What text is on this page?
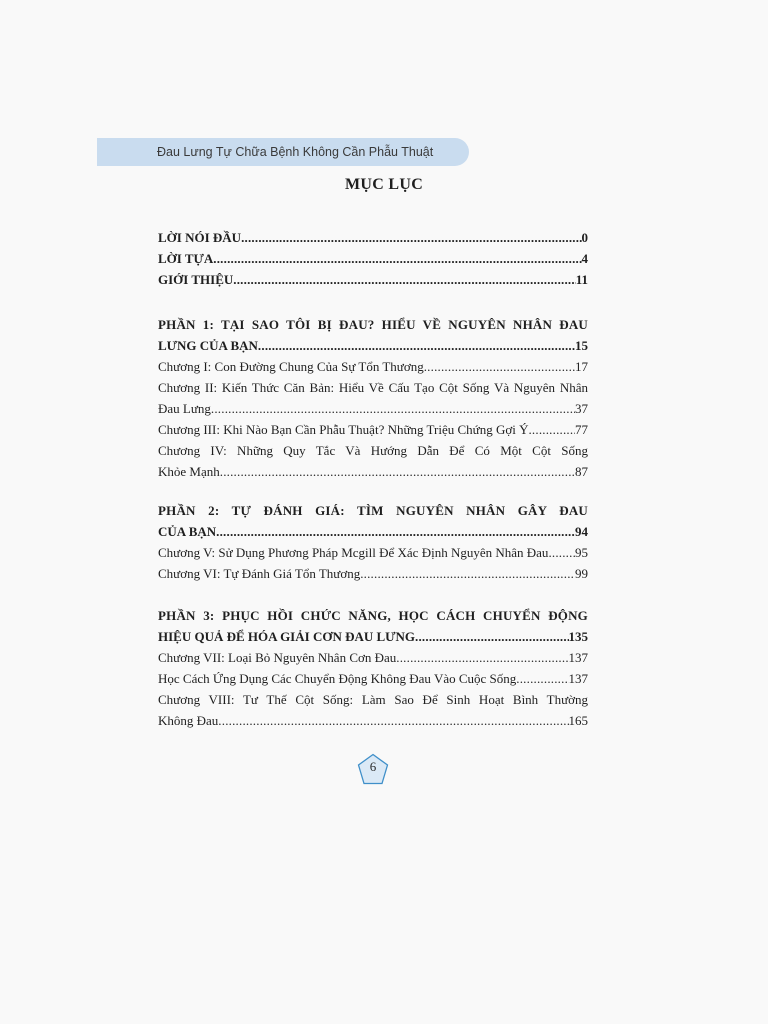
Đau Lưng Tự Chữa Bệnh Không Cần Phẫu Thuật
MỤC LỤC
LỜI NÓI ĐẦU .....	0
LỜI TỰA .....	4
GIỚI THIỆU .....	11
PHẦN 1: TẠI SAO TÔI BỊ ĐAU? HIỂU VỀ NGUYÊN NHÂN ĐAU
LƯNG CỦA BẠN .....	15
Chương I: Con Đường Chung Của Sự Tổn Thương .....	17
Chương II: Kiến Thức Căn Bản: Hiểu Về Cấu Tạo Cột Sống Và Nguyên Nhân
Đau Lưng .....	37
Chương III: Khi Nào Bạn Cần Phẫu Thuật? Những Triệu Chứng Gợi Ý .....	77
Chương IV: Những Quy Tắc Và Hướng Dẫn Để Có Một Cột Sống
Khỏe Mạnh .....	87
PHẦN 2: TỰ ĐÁNH GIÁ: TÌM NGUYÊN NHÂN GÂY ĐAU
CỦA BẠN .....	94
Chương V: Sử Dụng Phương Pháp Mcgill Để Xác Định Nguyên Nhân Đau ..... 95
Chương VI: Tự Đánh Giá Tổn Thương .....	99
PHẦN 3: PHỤC HỒI CHỨC NĂNG, HỌC CÁCH CHUYỂN ĐỘNG
HIỆU QUẢ ĐỂ HÓA GIẢI CƠN ĐAU LƯNG .....	135
Chương VII: Loại Bỏ Nguyên Nhân Cơn Đau .....	137
Học Cách Ứng Dụng Các Chuyển Động Không Đau Vào Cuộc Sống .....	137
Chương VIII: Tư Thế Cột Sống: Làm Sao Để Sinh Hoạt Bình Thường
Không Đau .....	165
6
